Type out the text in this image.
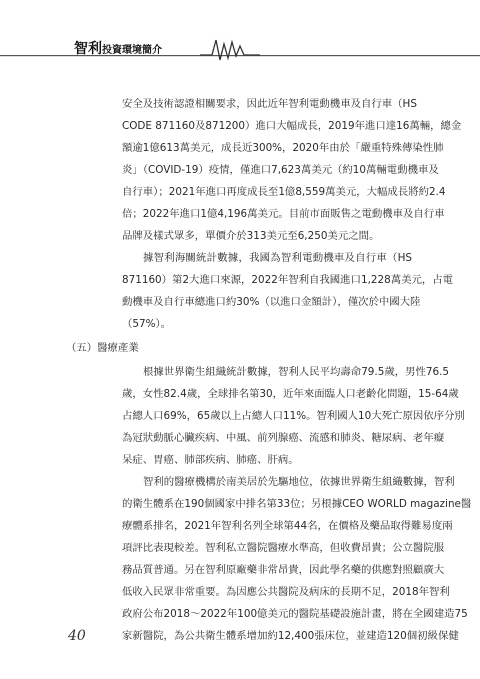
智利投資環境簡介
安全及技術認證相關要求，因此近年智利電動機車及自行車（HS
CODE 871160及871200）進口大幅成長，2019年進口達16萬輛，總金
額逾1億613萬美元，成長近300%，2020年由於「嚴重特殊傳染性肺
炎」（COVID-19）疫情，僅進口7,623萬美元（約10萬輛電動機車及
自行車）；2021年進口再度成長至1億8,559萬美元，大幅成長將約2.4
倍；2022年進口1億4,196萬美元。目前市面販售之電動機車及自行車
品牌及樣式眾多，單價介於313美元至6,250美元之間。
據智利海關統計數據，我國為智利電動機車及自行車（HS
871160）第2大進口來源，2022年智利自我國進口1,228萬美元，占電
動機車及自行車總進口約30%（以進口金額計），僅次於中國大陸
（57%）。
（五）醫療產業
根據世界衛生組織統計數據，智利人民平均壽命79.5歲，男性76.5
歲，女性82.4歲，全球排名第30，近年來面臨人口老齡化問題，15-64歲
占總人口69%，65歲以上占總人口11%。智利國人10大死亡原因依序分別
為冠狀動脈心臟疾病、中風、前列腺癌、流感和肺炎、糖尿病、老年癡
呆症、胃癌、肺部疾病、肺癌、肝病。
智利的醫療機構於南美居於先驅地位，依據世界衛生組織數據，智利
的衛生體系在190個國家中排名第33位；另根據CEO WORLD magazine醫
療體系排名，2021年智利名列全球第44名，在價格及藥品取得難易度兩
項評比表現較差。智利私立醫院醫療水準高，但收費昂貴；公立醫院服
務品質普通。另在智利原廠藥非常昂貴，因此學名藥的供應對照顧廣大
低收入民眾非常重要。為因應公共醫院及病床的長期不足，2018年智利
政府公布2018～2022年100億美元的醫院基礎設施計畫，將在全國建造75
家新醫院，為公共衛生體系增加約12,400張床位，並建造120個初級保健
40
